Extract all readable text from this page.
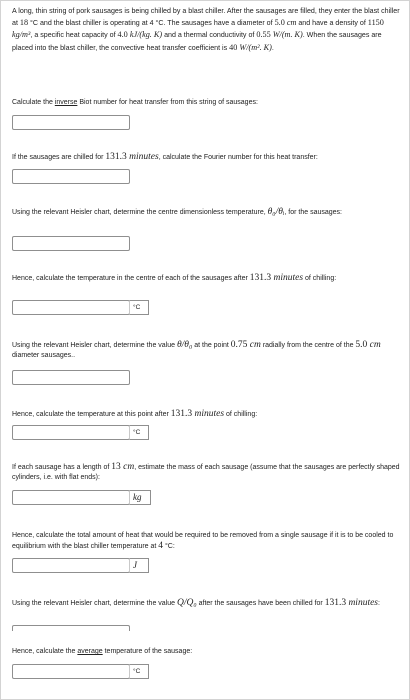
A long, thin string of pork sausages is being chilled by a blast chiller. After the sausages are filled, they enter the blast chiller at 18 °C and the blast chiller is operating at 4 °C. The sausages have a diameter of 5.0 cm and have a density of 1150 kg/m³, a specific heat capacity of 4.0 kJ/(kg. K) and a thermal conductivity of 0.55 W/(m. K). When the sausages are placed into the blast chiller, the convective heat transfer coefficient is 40 W/(m². K).
Calculate the inverse Biot number for heat transfer from this string of sausages:
If the sausages are chilled for 131.3 minutes, calculate the Fourier number for this heat transfer:
Using the relevant Heisler chart, determine the centre dimensionless temperature, θ₀/θᵢ, for the sausages:
Hence, calculate the temperature in the centre of each of the sausages after 131.3 minutes of chilling:
°C
Using the relevant Heisler chart, determine the value θ/θ₀ at the point 0.75 cm radially from the centre of the 5.0 cm diameter sausages..
Hence, calculate the temperature at this point after 131.3 minutes of chilling:
°C
If each sausage has a length of 13 cm, estimate the mass of each sausage (assume that the sausages are perfectly shaped cylinders, i.e. with flat ends):
kg
Hence, calculate the total amount of heat that would be required to be removed from a single sausage if it is to be cooled to equilibrium with the blast chiller temperature at 4 °C:
J
Using the relevant Heisler chart, determine the value Q/Q₀ after the sausages have been chilled for 131.3 minutes:
Hence, calculate the average temperature of the sausage:
°C
